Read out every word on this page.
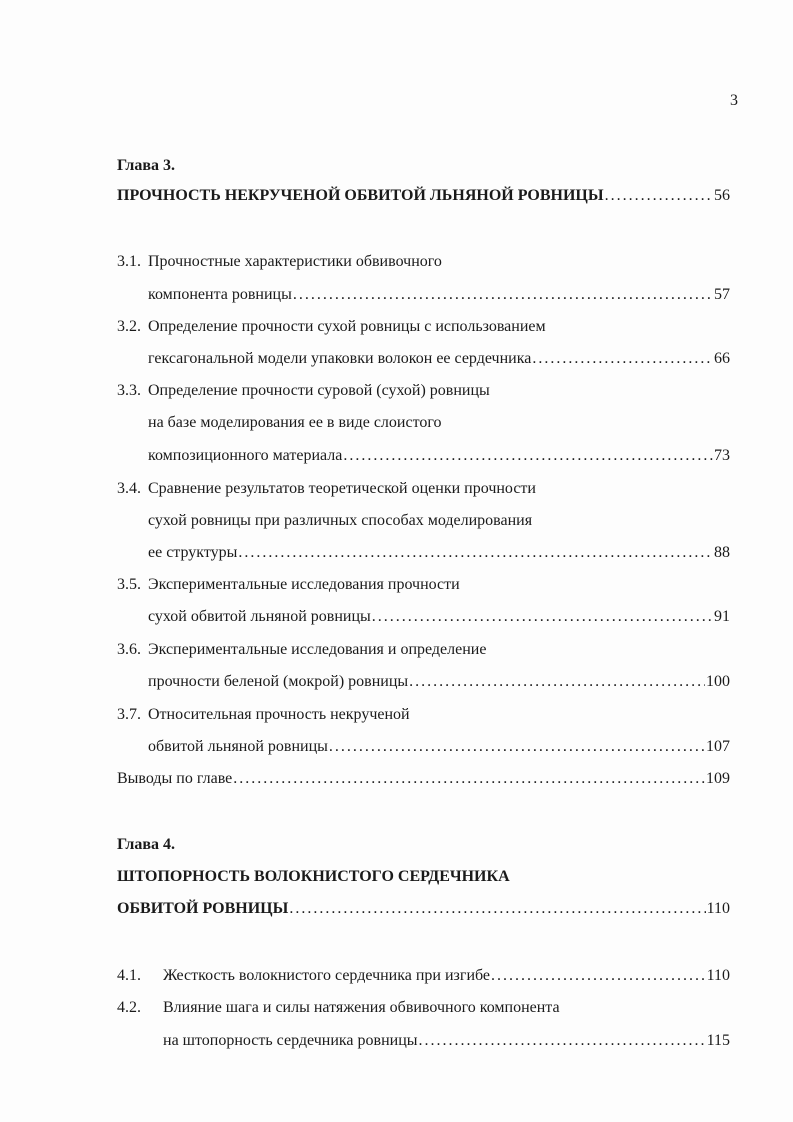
3
Глава 3.
ПРОЧНОСТЬ НЕКРУЧЕНОЙ ОБВИТОЙ ЛЬНЯНОЙ РОВНИЦЫ .....	56
3.1. Прочностные характеристики обвивочного
компонента ровницы .....	57
3.2. Определение прочности сухой ровницы с использованием
гексагональной модели упаковки волокон ее сердечника .....	66
3.3. Определение прочности суровой (сухой) ровницы
на базе моделирования ее в виде слоистого
композиционного материала .....	73
3.4. Сравнение результатов теоретической оценки прочности
сухой ровницы при различных способах моделирования
ее структуры .....	88
3.5. Экспериментальные исследования прочности
сухой обвитой льняной ровницы .....	91
3.6. Экспериментальные исследования и определение
прочности беленой (мокрой) ровницы .....	100
3.7. Относительная прочность некрученой
обвитой льняной ровницы .....	107
Выводы по главе .....	109
Глава 4.
ШТОПОРНОСТЬ ВОЛОКНИСТОГО СЕРДЕЧНИКА
ОБВИТОЙ РОВНИЦЫ .....	110
4.1. Жесткость волокнистого сердечника при изгибе .....	110
4.2. Влияние шага и силы натяжения обвивочного компонента
на штопорность сердечника ровницы .....	115
